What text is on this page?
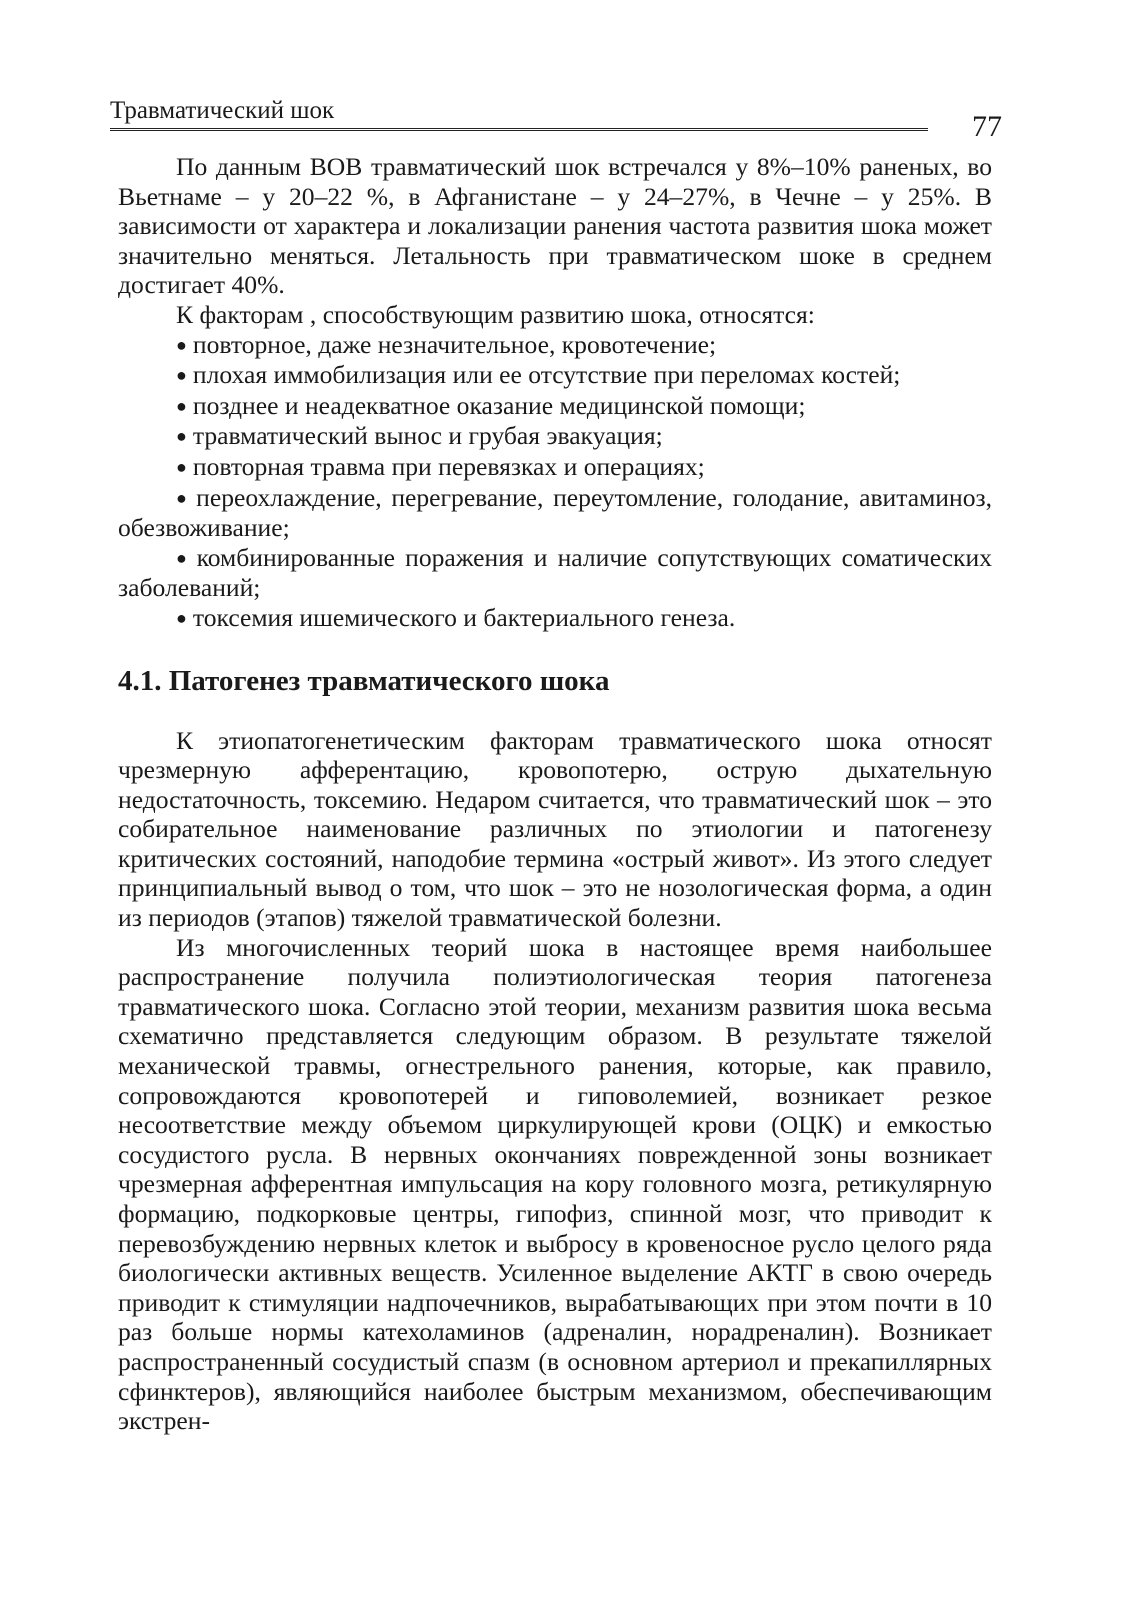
Травматический шок	77

По данным ВОВ травматический шок встречался у 8%–10% раненых, во Вьетнаме – у 20–22 %, в Афганистане – у 24–27%, в Чечне – у 25%. В зависимости от характера и локализации ранения частота развития шока может значительно меняться. Летальность при травматическом шоке в среднем достигает 40%.

К факторам , способствующим развитию шока, относятся:

● повторное, даже незначительное, кровотечение;
● плохая иммобилизация или ее отсутствие при переломах костей;
● позднее и неадекватное оказание медицинской помощи;
● травматический вынос и грубая эвакуация;
● повторная травма при перевязках и операциях;
● переохлаждение, перегревание, переутомление, голодание, авитаминоз, обезвоживание;
● комбинированные поражения и наличие сопутствующих соматических заболеваний;
● токсемия ишемического и бактериального генеза.
4.1. Патогенез травматического шока

К этиопатогенетическим факторам травматического шока относят чрезмерную афферентацию, кровопотерю, острую дыхательную недостаточность, токсемию. Недаром считается, что травматический шок – это собирательное наименование различных по этиологии и патогенезу критических состояний, наподобие термина «острый живот». Из этого следует принципиальный вывод о том, что шок – это не нозологическая форма, а один из периодов (этапов) тяжелой травматической болезни.

Из многочисленных теорий шока в настоящее время наибольшее распространение получила полиэтиологическая теория патогенеза травматического шока. Согласно этой теории, механизм развития шока весьма схематично представляется следующим образом. В результате тяжелой механической травмы, огнестрельного ранения, которые, как правило, сопровождаются кровопотерей и гиповолемией, возникает резкое несоответствие между объемом циркулирующей крови (ОЦК) и емкостью сосудистого русла. В нервных окончаниях поврежденной зоны возникает чрезмерная афферентная импульсация на кору головного мозга, ретикулярную формацию, подкорковые центры, гипофиз, спинной мозг, что приводит к перевозбуждению нервных клеток и выбросу в кровеносное русло целого ряда биологически активных веществ. Усиленное выделение АКТГ в свою очередь приводит к стимуляции надпочечников, вырабатывающих при этом почти в 10 раз больше нормы катехоламинов (адреналин, норадреналин). Возникает распространенный сосудистый спазм (в основном артериол и прекапиллярных сфинктеров), являющийся наиболее быстрым механизмом, обеспечивающим экстрен-
